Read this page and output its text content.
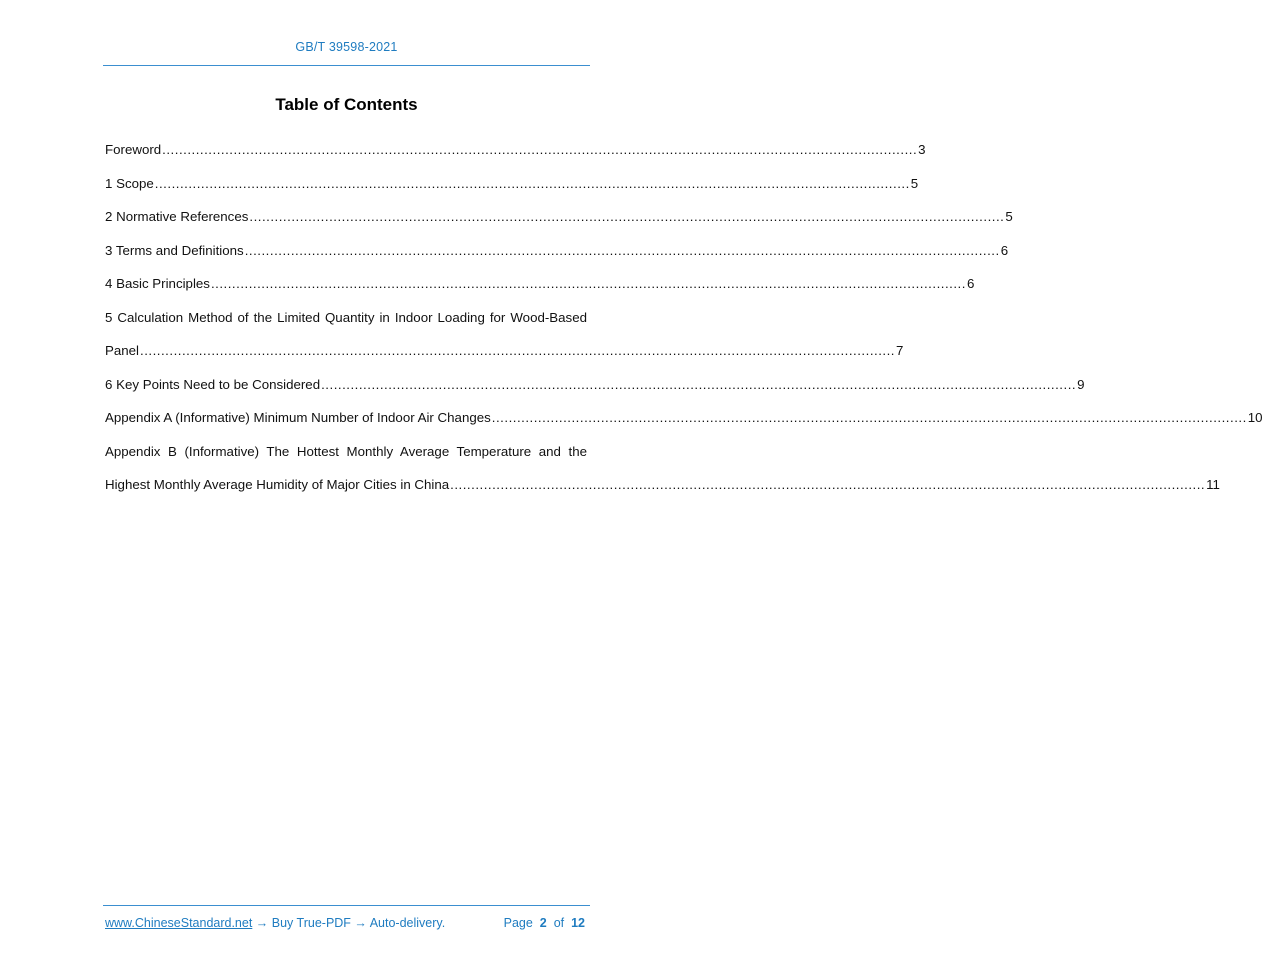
GB/T 39598-2021
Table of Contents
Foreword .................................................................................................................................................................................... 3
1 Scope .................................................................................................................................................................................... 5
2 Normative References .................................................................................................................................................................................... 5
3 Terms and Definitions .................................................................................................................................................................................... 6
4 Basic Principles .................................................................................................................................................................................... 6
5 Calculation Method of the Limited Quantity in Indoor Loading for Wood-Based
Panel .................................................................................................................................................................................... 7
6 Key Points Need to be Considered .................................................................................................................................................................................... 9
Appendix A (Informative) Minimum Number of Indoor Air Changes .................................................................................................................................................................................... 10
Appendix B (Informative) The Hottest Monthly Average Temperature and the
Highest Monthly Average Humidity of Major Cities in China .................................................................................................................................................................................... 11
www.ChineseStandard.net → Buy True-PDF → Auto-delivery.	Page 2 of 12
